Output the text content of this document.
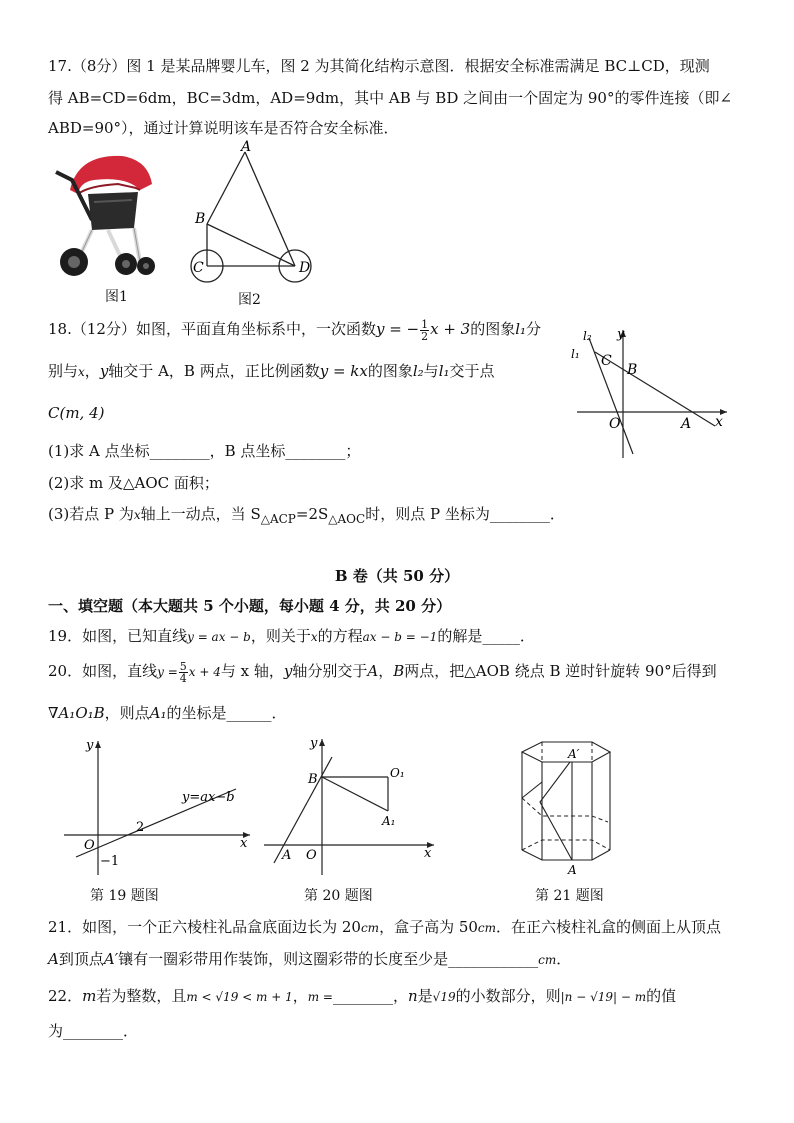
17.（8分）图 1 是某品牌婴儿车，图 2 为其简化结构示意图．根据安全标准需满足 BC⊥CD，现测
得 AB=CD=6dm，BC=3dm，AD=9dm，其中 AB 与 BD 之间由一个固定为 90°的零件连接（即∠
ABD=90°），通过计算说明该车是否符合安全标准．
图1
A
B
C	D
图2
18.（12分）如图，平面直角坐标系中，一次函数y = − $\frac{1}{2}$ x + 3的图象l₁分
别与x，y轴交于 A，B 两点，正比例函数y = kx的图象l₂与l₁交于点
C(m, 4)
(1)求 A 点坐标________，B 点坐标________；
(2)求 m 及△AOC 面积；
(3)若点 P 为x轴上一动点，当 $S_{\triangle ACP}=2S_{\triangle AOC}$时，则点 P 坐标为________．
l₂
l₁
y
C
B
O	A x
B 卷（共 50 分）
一、填空题（本大题共 5 个小题，每小题 4 分，共 20 分）
19．如图，已知直线y = ax − b，则关于x的方程ax − b = −1的解是_____．
20．如图，直线$y = \frac{5}{4}$ x + 4与 x 轴，y轴分别交于A，B两点，把△AOB 绕点 B 逆时针旋转 90°后得到
∇A₁O₁B，则点A₁的坐标是______．
y
y=ax−b
2
O
−1
x
第 19 题图
y
B	O₁
A₁
A O	x
第 20 题图
A′
A
第 21 题图
21．如图，一个正六棱柱礼品盒底面边长为 20cm，盒子高为 50cm．在正六棱柱礼盒的侧面上从顶点
A到顶点A′镶有一圈彩带用作装饰，则这圈彩带的长度至少是____________cm．
22．m若为整数，且m < √19 < m + 1，m =________，n是√19的小数部分，则|n − √19| − m的值
为________．
